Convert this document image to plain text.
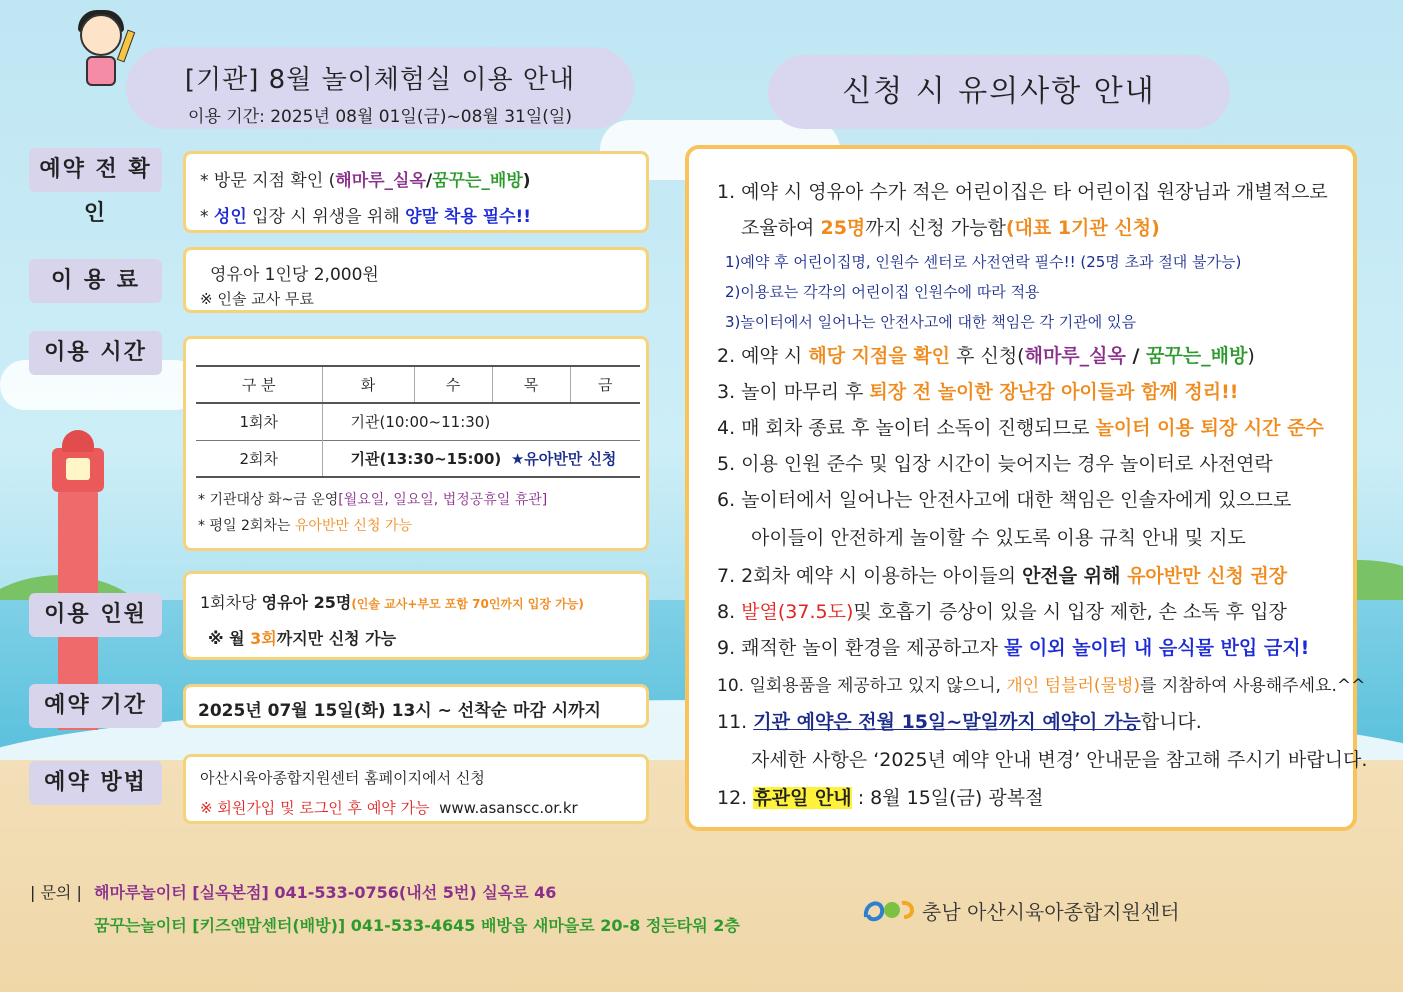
[기관] 8월 놀이체험실 이용 안내
이용 기간: 2025년 08월 01일(금)~08월 31일(일)
신청 시 유의사항 안내
예약 전 확인
이 용 료
이용 시간
이용 인원
예약 기간
예약 방법
* 방문 지점 확인 (해마루_실옥/꿈꾸는_배방)
* 성인 입장 시 위생을 위해 양말 착용 필수!!
영유아 1인당 2,000원
※ 인솔 교사 무료
구 분	화	수	목	금
1회차	기관(10:00~11:30)			
2회차	기관(13:30~15:00) ★유아반만 신청			
* 기관대상 화~금 운영[월요일, 일요일, 법정공휴일 휴관]
* 평일 2회차는 유아반만 신청 가능
1회차당 영유아 25명(인솔 교사+부모 포함 70인까지 입장 가능)
※ 월 3회까지만 신청 가능
2025년 07월 15일(화) 13시 ~ 선착순 마감 시까지
아산시육아종합지원센터 홈페이지에서 신청
※ 회원가입 및 로그인 후 예약 가능 www.asanscc.or.kr
1. 예약 시 영유아 수가 적은 어린이집은 타 어린이집 원장님과 개별적으로
조율하여 25명까지 신청 가능함(대표 1기관 신청)
1)예약 후 어린이집명, 인원수 센터로 사전연락 필수!! (25명 초과 절대 불가능)
2)이용료는 각각의 어린이집 인원수에 따라 적용
3)놀이터에서 일어나는 안전사고에 대한 책임은 각 기관에 있음
2. 예약 시 해당 지점을 확인 후 신청(해마루_실옥 / 꿈꾸는_배방)
3. 놀이 마무리 후 퇴장 전 놀이한 장난감 아이들과 함께 정리!!
4. 매 회차 종료 후 놀이터 소독이 진행되므로 놀이터 이용 퇴장 시간 준수
5. 이용 인원 준수 및 입장 시간이 늦어지는 경우 놀이터로 사전연락
6. 놀이터에서 일어나는 안전사고에 대한 책임은 인솔자에게 있으므로
아이들이 안전하게 놀이할 수 있도록 이용 규칙 안내 및 지도
7. 2회차 예약 시 이용하는 아이들의 안전을 위해 유아반만 신청 권장
8. 발열(37.5도)및 호흡기 증상이 있을 시 입장 제한, 손 소독 후 입장
9. 쾌적한 놀이 환경을 제공하고자 물 이외 놀이터 내 음식물 반입 금지!
10. 일회용품을 제공하고 있지 않으니, 개인 텀블러(물병)를 지참하여 사용해주세요.^^
11. 기관 예약은 전월 15일~말일까지 예약이 가능합니다.
자세한 사항은 ‘2025년 예약 안내 변경’ 안내문을 참고해 주시기 바랍니다.
12. 휴관일 안내 : 8월 15일(금) 광복절
| 문의 | 해마루놀이터 [실옥본점] 041-533-0756(내선 5번) 실옥로 46
꿈꾸는놀이터 [키즈앤맘센터(배방)] 041-533-4645 배방읍 새마을로 20-8 정든타워 2층
충남 아산시육아종합지원센터
